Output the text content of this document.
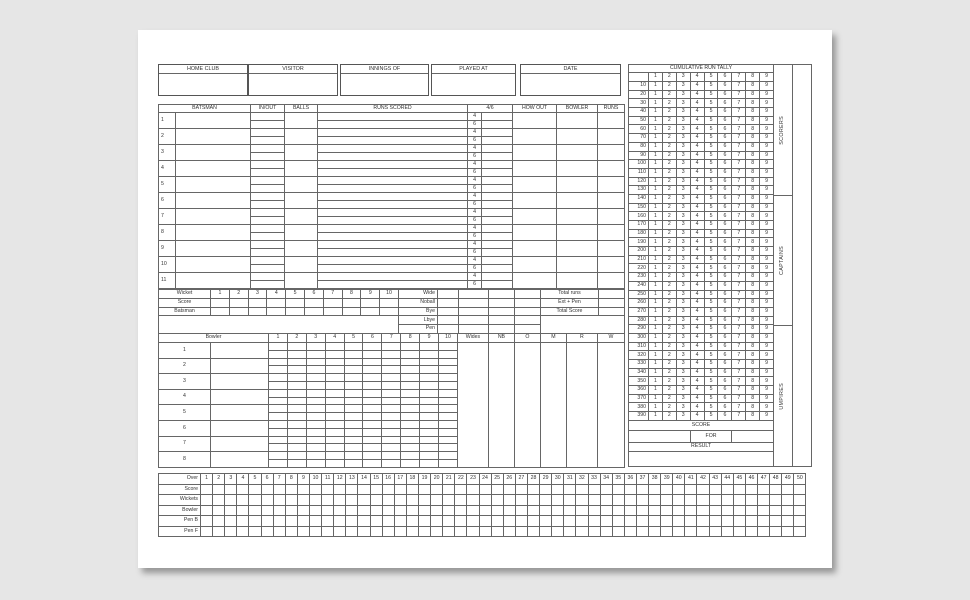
HOME CLUB	VISITOR	INNINGS OF	PLAYED AT	DATE
BATSMAN		IN/OUT	BALLS	RUNS SCORED	4/6		HOW OUT	BOWLER	RUNS
1					4				
					6				
2					4				
					6				
3					4				
					6				
4					4				
					6				
5					4				
					6				
6					4				
					6				
7					4				
					6				
8					4				
					6				
9					4				
					6				
10					4				
					6				
11					4				
					6				
Wicket	1	2	3	4	5	6	7	8	9	10	Wide					Total runs	
Score											Noball					Ext + Pen	
Batsman											Bye					Total Score	
											Lbye						
											Pen						
Bowler		1	2	3	4	5	6	7	8	9	10	Wides	NB	O	M	R	W
1																	

2																	

3																	

4																	

5																	

6																	

7																	

8																	

CUMULATIVE RUN TALLY									
	1	2	3	4	5	6	7	8	9
10	1	2	3	4	5	6	7	8	9
20	1	2	3	4	5	6	7	8	9
30	1	2	3	4	5	6	7	8	9
40	1	2	3	4	5	6	7	8	9
50	1	2	3	4	5	6	7	8	9
60	1	2	3	4	5	6	7	8	9
70	1	2	3	4	5	6	7	8	9
80	1	2	3	4	5	6	7	8	9
90	1	2	3	4	5	6	7	8	9
100	1	2	3	4	5	6	7	8	9
110	1	2	3	4	5	6	7	8	9
120	1	2	3	4	5	6	7	8	9
130	1	2	3	4	5	6	7	8	9
140	1	2	3	4	5	6	7	8	9
150	1	2	3	4	5	6	7	8	9
160	1	2	3	4	5	6	7	8	9
170	1	2	3	4	5	6	7	8	9
180	1	2	3	4	5	6	7	8	9
190	1	2	3	4	5	6	7	8	9
200	1	2	3	4	5	6	7	8	9
210	1	2	3	4	5	6	7	8	9
220	1	2	3	4	5	6	7	8	9
230	1	2	3	4	5	6	7	8	9
240	1	2	3	4	5	6	7	8	9
250	1	2	3	4	5	6	7	8	9
260	1	2	3	4	5	6	7	8	9
270	1	2	3	4	5	6	7	8	9
280	1	2	3	4	5	6	7	8	9
290	1	2	3	4	5	6	7	8	9
300	1	2	3	4	5	6	7	8	9
310	1	2	3	4	5	6	7	8	9
320	1	2	3	4	5	6	7	8	9
330	1	2	3	4	5	6	7	8	9
340	1	2	3	4	5	6	7	8	9
350	1	2	3	4	5	6	7	8	9
360	1	2	3	4	5	6	7	8	9
370	1	2	3	4	5	6	7	8	9
380	1	2	3	4	5	6	7	8	9
390	1	2	3	4	5	6	7	8	9
SCORE									
				FOR					
RESULT									

SCORERS

CAPTAINS

UMPIRES
Over	1	2	3	4	5	6	7	8	9	10	11	12	13	14	15	16	17	18	19	20	21	22	23	24	25	26	27	28	29	30	31	32	33	34	35	36	37	38	39	40	41	42	43	44	45	46	47	48	49	50
Score																																																		
Wickets																																																		
Bowler																																																		
Pen B																																																		
Pen F																																																		
